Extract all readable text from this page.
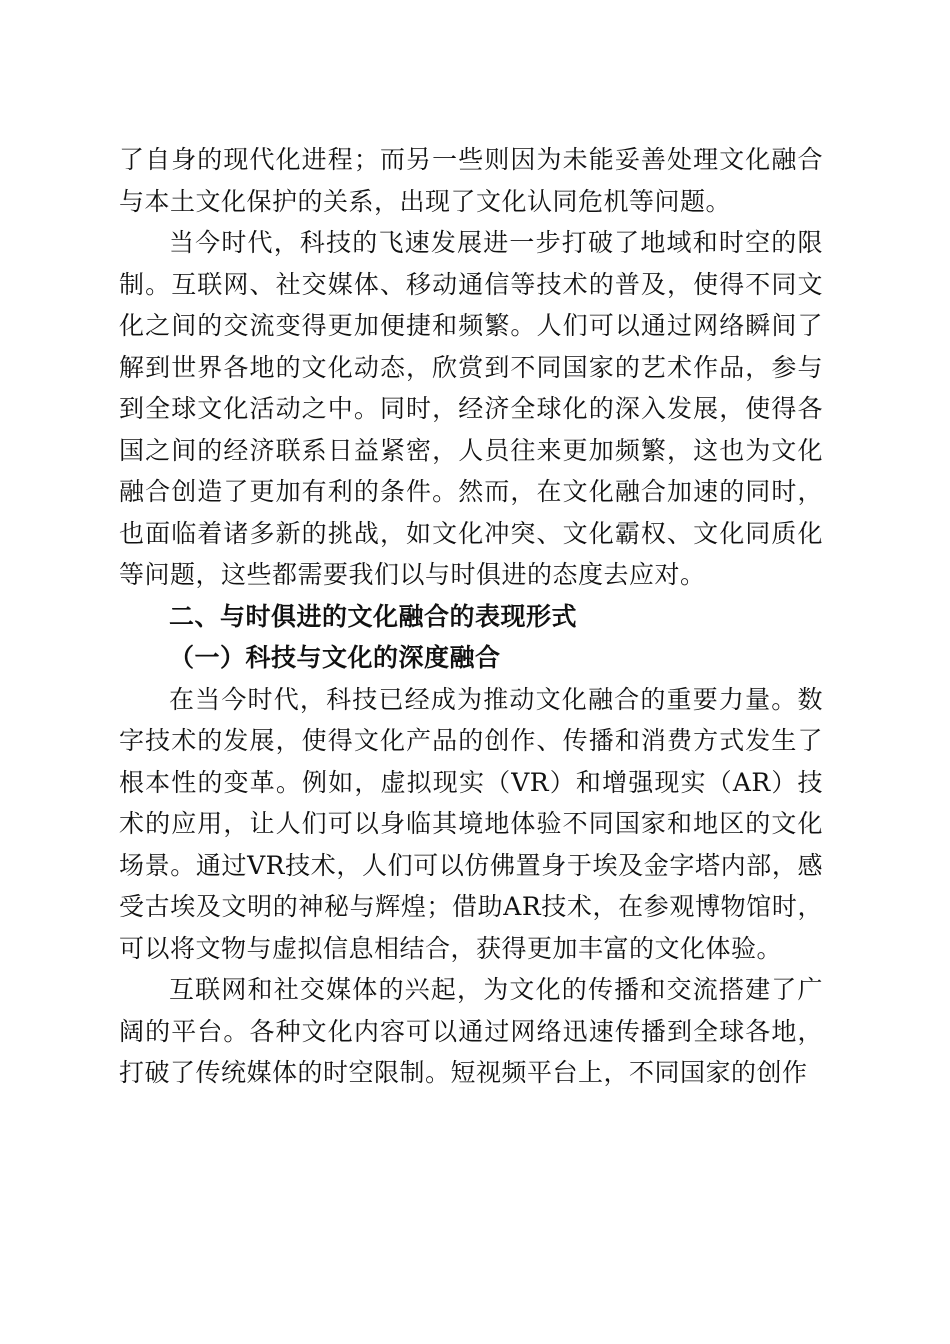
了自身的现代化进程；而另一些则因为未能妥善处理文化融合与本土文化保护的关系，出现了文化认同危机等问题。

当今时代，科技的飞速发展进一步打破了地域和时空的限制。互联网、社交媒体、移动通信等技术的普及，使得不同文化之间的交流变得更加便捷和频繁。人们可以通过网络瞬间了解到世界各地的文化动态，欣赏到不同国家的艺术作品，参与到全球文化活动之中。同时，经济全球化的深入发展，使得各国之间的经济联系日益紧密，人员往来更加频繁，这也为文化融合创造了更加有利的条件。然而，在文化融合加速的同时，也面临着诸多新的挑战，如文化冲突、文化霸权、文化同质化等问题，这些都需要我们以与时俱进的态度去应对。

二、与时俱进的文化融合的表现形式

（一）科技与文化的深度融合

在当今时代，科技已经成为推动文化融合的重要力量。数字技术的发展，使得文化产品的创作、传播和消费方式发生了根本性的变革。例如，虚拟现实（VR）和增强现实（AR）技术的应用，让人们可以身临其境地体验不同国家和地区的文化场景。通过VR技术，人们可以仿佛置身于埃及金字塔内部，感受古埃及文明的神秘与辉煌；借助AR技术，在参观博物馆时，可以将文物与虚拟信息相结合，获得更加丰富的文化体验。

互联网和社交媒体的兴起，为文化的传播和交流搭建了广阔的平台。各种文化内容可以通过网络迅速传播到全球各地，打破了传统媒体的时空限制。短视频平台上，不同国家的创作
